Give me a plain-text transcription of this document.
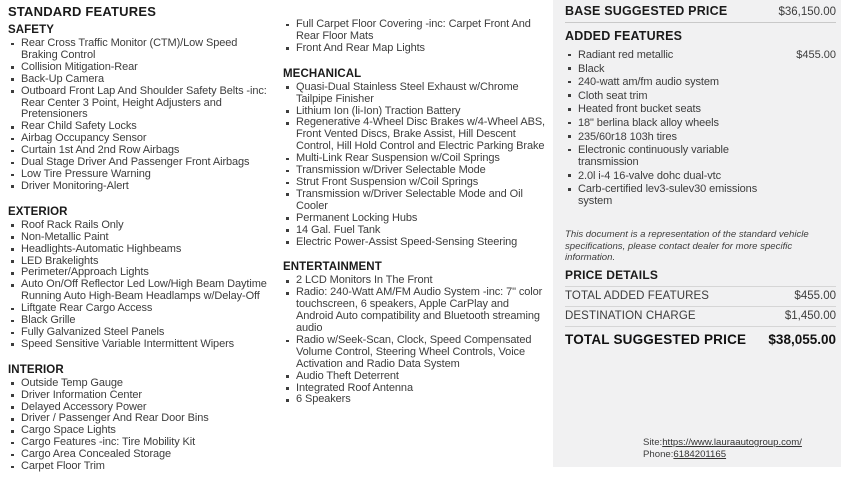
STANDARD FEATURES
SAFETY
Rear Cross Traffic Monitor (CTM)/Low Speed Braking Control
Collision Mitigation-Rear
Back-Up Camera
Outboard Front Lap And Shoulder Safety Belts -inc: Rear Center 3 Point, Height Adjusters and Pretensioners
Rear Child Safety Locks
Airbag Occupancy Sensor
Curtain 1st And 2nd Row Airbags
Dual Stage Driver And Passenger Front Airbags
Low Tire Pressure Warning
Driver Monitoring-Alert
EXTERIOR
Roof Rack Rails Only
Non-Metallic Paint
Headlights-Automatic Highbeams
LED Brakelights
Perimeter/Approach Lights
Auto On/Off Reflector Led Low/High Beam Daytime Running Auto High-Beam Headlamps w/Delay-Off
Liftgate Rear Cargo Access
Black Grille
Fully Galvanized Steel Panels
Speed Sensitive Variable Intermittent Wipers
INTERIOR
Outside Temp Gauge
Driver Information Center
Delayed Accessory Power
Driver / Passenger And Rear Door Bins
Cargo Space Lights
Cargo Features -inc: Tire Mobility Kit
Cargo Area Concealed Storage
Carpet Floor Trim
Full Carpet Floor Covering -inc: Carpet Front And Rear Floor Mats
Front And Rear Map Lights
MECHANICAL
Quasi-Dual Stainless Steel Exhaust w/Chrome Tailpipe Finisher
Lithium Ion (li-Ion) Traction Battery
Regenerative 4-Wheel Disc Brakes w/4-Wheel ABS, Front Vented Discs, Brake Assist, Hill Descent Control, Hill Hold Control and Electric Parking Brake
Multi-Link Rear Suspension w/Coil Springs
Transmission w/Driver Selectable Mode
Strut Front Suspension w/Coil Springs
Transmission w/Driver Selectable Mode and Oil Cooler
Permanent Locking Hubs
14 Gal. Fuel Tank
Electric Power-Assist Speed-Sensing Steering
ENTERTAINMENT
2 LCD Monitors In The Front
Radio: 240-Watt AM/FM Audio System -inc: 7" color touchscreen, 6 speakers, Apple CarPlay and Android Auto compatibility and Bluetooth streaming audio
Radio w/Seek-Scan, Clock, Speed Compensated Volume Control, Steering Wheel Controls, Voice Activation and Radio Data System
Audio Theft Deterrent
Integrated Roof Antenna
6 Speakers
BASE SUGGESTED PRICE	$36,150.00
ADDED FEATURES
Radiant red metallic	$455.00
Black
240-watt am/fm audio system
Cloth seat trim
Heated front bucket seats
18" berlina black alloy wheels
235/60r18 103h tires
Electronic continuously variable transmission
2.0l i-4 16-valve dohc dual-vtc
Carb-certified lev3-sulev30 emissions system
This document is a representation of the standard vehicle specifications, please contact dealer for more specific information.
PRICE DETAILS
TOTAL ADDED FEATURES	$455.00
DESTINATION CHARGE	$1,450.00
TOTAL SUGGESTED PRICE	$38,055.00
Site:https://www.lauraautogroup.com/
Phone:6184201165
